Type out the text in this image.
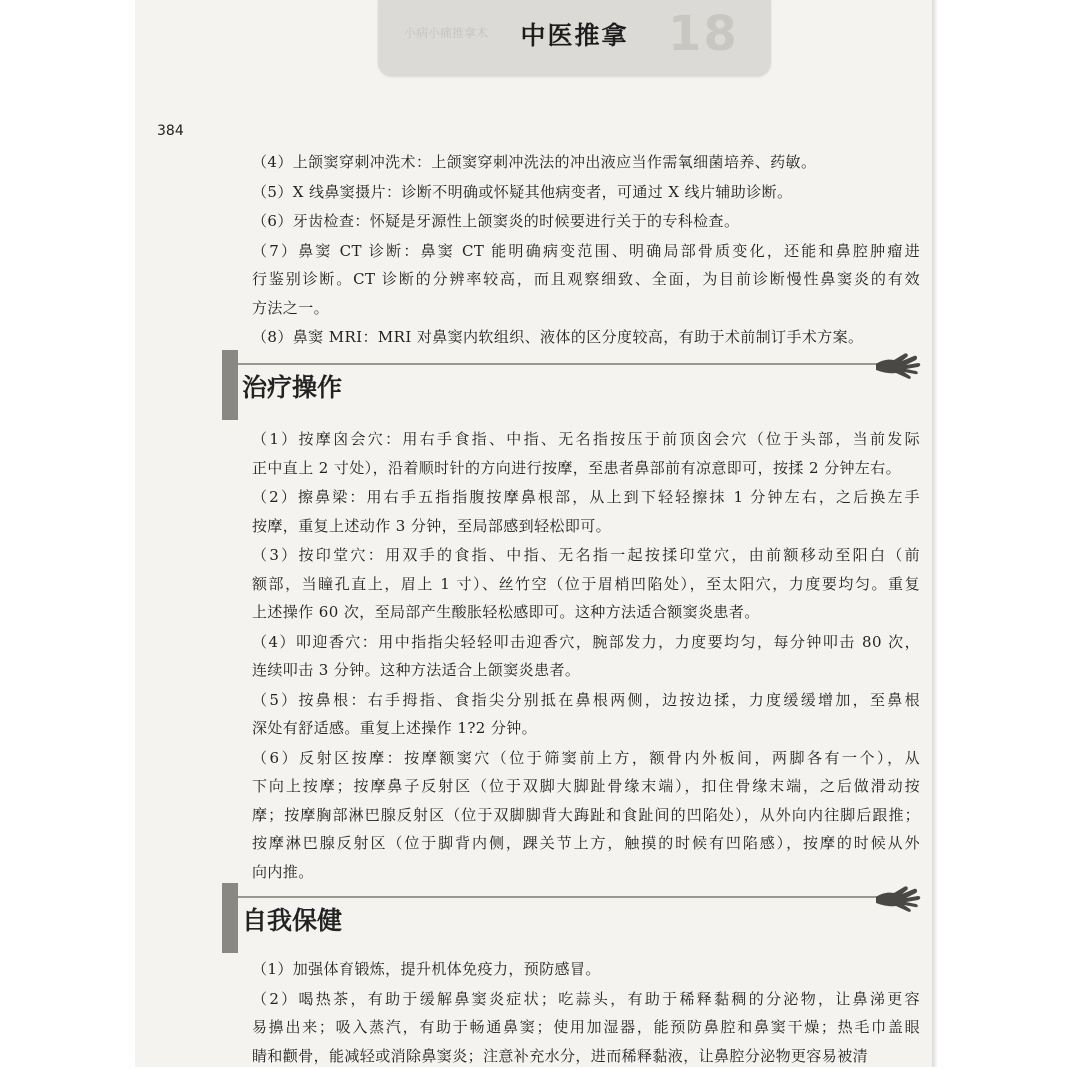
小病小痛推拿术	18
中医推拿
384
（4）上颌窦穿刺冲洗术：上颌窦穿刺冲洗法的冲出液应当作需氧细菌培养、药敏。
（5）X 线鼻窦摄片：诊断不明确或怀疑其他病变者，可通过 X 线片辅助诊断。
（6）牙齿检查：怀疑是牙源性上颌窦炎的时候要进行关于的专科检查。
（7）鼻窦 CT 诊断：鼻窦 CT 能明确病变范围、明确局部骨质变化，还能和鼻腔肿瘤进
行鉴别诊断。CT 诊断的分辨率较高，而且观察细致、全面，为目前诊断慢性鼻窦炎的有效
方法之一。
（8）鼻窦 MRI：MRI 对鼻窦内软组织、液体的区分度较高，有助于术前制订手术方案。
治疗操作
（1）按摩囟会穴：用右手食指、中指、无名指按压于前顶囟会穴（位于头部，当前发际
正中直上 2 寸处），沿着顺时针的方向进行按摩，至患者鼻部前有凉意即可，按揉 2 分钟左右。
（2）擦鼻梁：用右手五指指腹按摩鼻根部，从上到下轻轻擦抹 1 分钟左右，之后换左手
按摩，重复上述动作 3 分钟，至局部感到轻松即可。
（3）按印堂穴：用双手的食指、中指、无名指一起按揉印堂穴，由前额移动至阳白（前
额部，当瞳孔直上，眉上 1 寸）、丝竹空（位于眉梢凹陷处），至太阳穴，力度要均匀。重复
上述操作 60 次，至局部产生酸胀轻松感即可。这种方法适合额窦炎患者。
（4）叩迎香穴：用中指指尖轻轻叩击迎香穴，腕部发力，力度要均匀，每分钟叩击 80 次，
连续叩击 3 分钟。这种方法适合上颌窦炎患者。
（5）按鼻根：右手拇指、食指尖分别抵在鼻根两侧，边按边揉，力度缓缓增加，至鼻根
深处有舒适感。重复上述操作 1?2 分钟。
（6）反射区按摩：按摩额窦穴（位于筛窦前上方，额骨内外板间，两脚各有一个），从
下向上按摩；按摩鼻子反射区（位于双脚大脚趾骨缘末端），扣住骨缘末端，之后做滑动按
摩；按摩胸部淋巴腺反射区（位于双脚脚背大踇趾和食趾间的凹陷处），从外向内往脚后跟推；
按摩淋巴腺反射区（位于脚背内侧，踝关节上方，触摸的时候有凹陷感），按摩的时候从外
向内推。
自我保健
（1）加强体育锻炼，提升机体免疫力，预防感冒。
（2）喝热茶，有助于缓解鼻窦炎症状；吃蒜头，有助于稀释黏稠的分泌物，让鼻涕更容
易擤出来；吸入蒸汽，有助于畅通鼻窦；使用加湿器，能预防鼻腔和鼻窦干燥；热毛巾盖眼
睛和颧骨，能减轻或消除鼻窦炎；注意补充水分，进而稀释黏液，让鼻腔分泌物更容易被清
